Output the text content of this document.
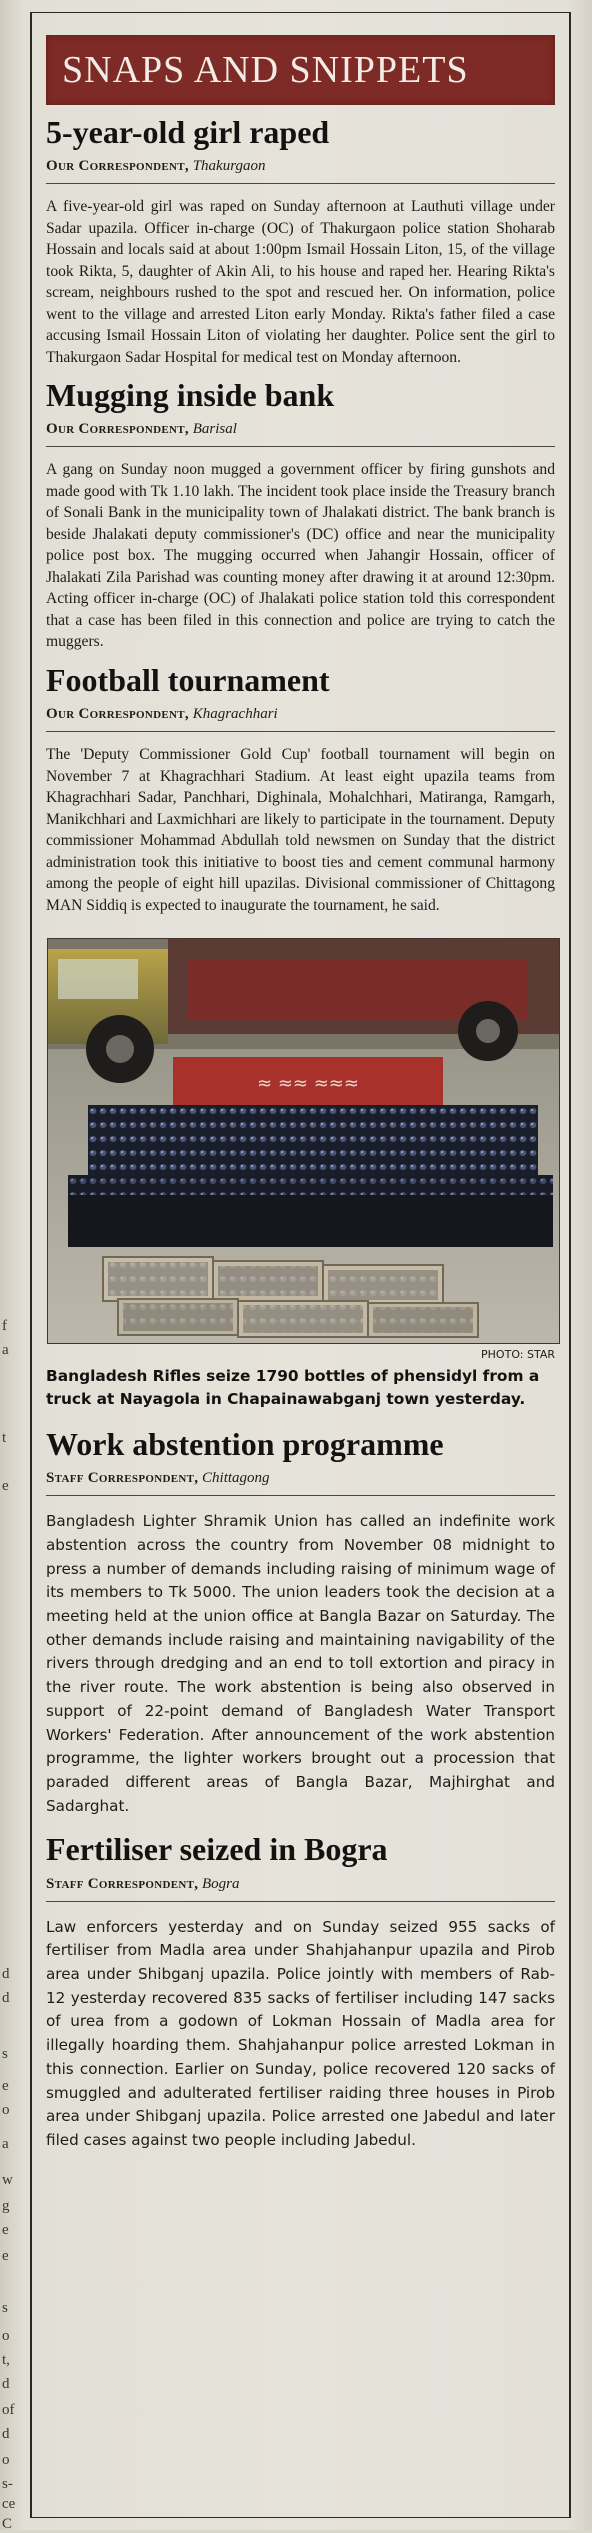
f
a
t
e
d
d
s
e
o
a
w
g
e
e
s
o
t,
d
of
d
o
s-
ce
C
SNAPS AND SNIPPETS
5-year-old girl raped
Our Correspondent, Thakurgaon
A five-year-old girl was raped on Sunday afternoon at Lauthuti village under Sadar upazila. Officer in-charge (OC) of Thakurgaon police station Shoharab Hossain and locals said at about 1:00pm Ismail Hossain Liton, 15, of the village took Rikta, 5, daughter of Akin Ali, to his house and raped her. Hearing Rikta's scream, neighbours rushed to the spot and rescued her. On information, police went to the village and arrested Liton early Monday. Rikta's father filed a case accusing Ismail Hossain Liton of violating her daughter. Police sent the girl to Thakurgaon Sadar Hospital for medical test on Monday afternoon.
Mugging inside bank
Our Correspondent, Barisal
A gang on Sunday noon mugged a government officer by firing gunshots and made good with Tk 1.10 lakh. The incident took place inside the Treasury branch of Sonali Bank in the municipality town of Jhalakati district. The bank branch is beside Jhalakati deputy commissioner's (DC) office and near the municipality police post box. The mugging occurred when Jahangir Hossain, officer of Jhalakati Zila Parishad was counting money after drawing it at around 12:30pm. Acting officer in-charge (OC) of Jhalakati police station told this correspondent that a case has been filed in this connection and police are trying to catch the muggers.
Football tournament
Our Correspondent, Khagrachhari
The 'Deputy Commissioner Gold Cup' football tournament will begin on November 7 at Khagrachhari Stadium. At least eight upazila teams from Khagrachhari Sadar, Panchhari, Dighinala, Mohalchhari, Matiranga, Ramgarh, Manikchhari and Laxmichhari are likely to participate in the tournament. Deputy commissioner Mohammad Abdullah told newsmen on Sunday that the district administration took this initiative to boost ties and cement communal harmony among the people of eight hill upazilas. Divisional commissioner of Chittagong MAN Siddiq is expected to inaugurate the tournament, he said.
≈ ≈≈ ≈≈≈
PHOTO: STAR
Bangladesh Rifles seize 1790 bottles of phensidyl from a truck at Nayagola in Chapainawabganj town yesterday.
Work abstention programme
Staff Correspondent, Chittagong
Bangladesh Lighter Shramik Union has called an indefinite work abstention across the country from November 08 midnight to press a number of demands including raising of minimum wage of its members to Tk 5000. The union leaders took the decision at a meeting held at the union office at Bangla Bazar on Saturday. The other demands include raising and maintaining navigability of the rivers through dredging and an end to toll extortion and piracy in the river route. The work abstention is being also observed in support of 22-point demand of Bangladesh Water Transport Workers' Federation. After announcement of the work abstention programme, the lighter workers brought out a procession that paraded different areas of Bangla Bazar, Majhirghat and Sadarghat.
Fertiliser seized in Bogra
Staff Correspondent, Bogra
Law enforcers yesterday and on Sunday seized 955 sacks of fertiliser from Madla area under Shahjahanpur upazila and Pirob area under Shibganj upazila. Police jointly with members of Rab-12 yesterday recovered 835 sacks of fertiliser including 147 sacks of urea from a godown of Lokman Hossain of Madla area for illegally hoarding them. Shahjahanpur police arrested Lokman in this connection. Earlier on Sunday, police recovered 120 sacks of smuggled and adulterated fertiliser raiding three houses in Pirob area under Shibganj upazila. Police arrested one Jabedul and later filed cases against two people including Jabedul.
